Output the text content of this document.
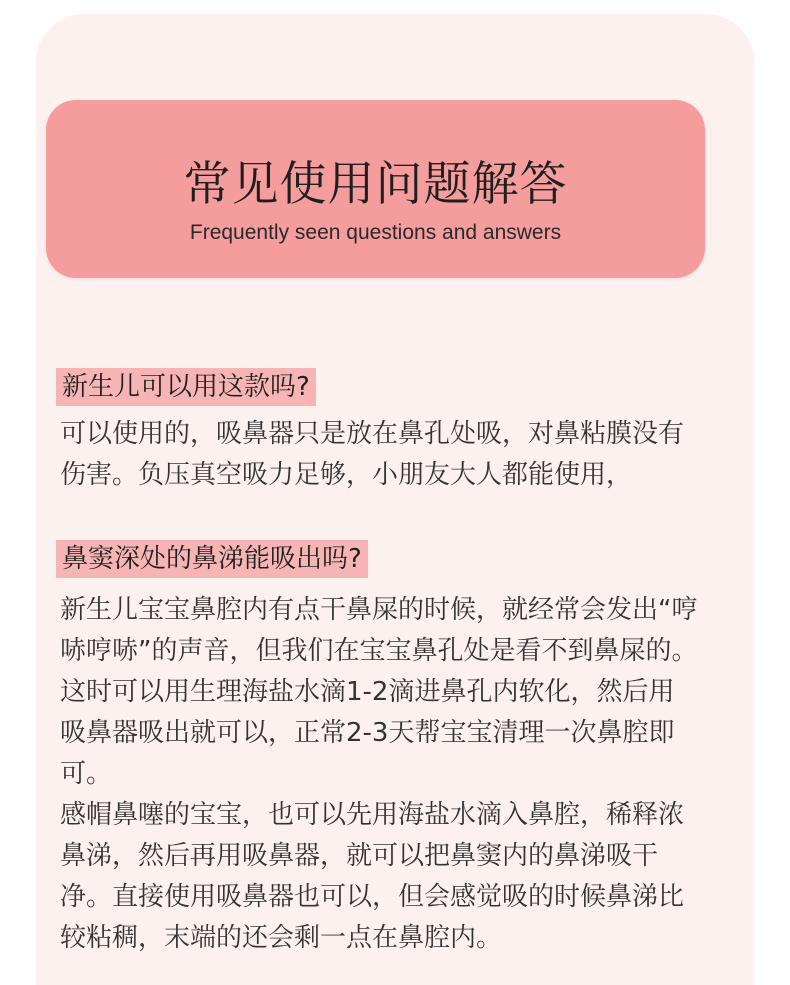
常见使用问题解答
Frequently seen questions and answers
新生儿可以用这款吗?

可以使用的，吸鼻器只是放在鼻孔处吸，对鼻粘膜没有伤害。负压真空吸力足够，小朋友大人都能使用，

鼻窦深处的鼻涕能吸出吗?

新生儿宝宝鼻腔内有点干鼻屎的时候，就经常会发出“哼哧哼哧”的声音，但我们在宝宝鼻孔处是看不到鼻屎的。这时可以用生理海盐水滴1-2滴进鼻孔内软化，然后用吸鼻器吸出就可以，正常2-3天帮宝宝清理一次鼻腔即可。

感帽鼻噻的宝宝，也可以先用海盐水滴入鼻腔，稀释浓鼻涕，然后再用吸鼻器，就可以把鼻窦内的鼻涕吸干净。直接使用吸鼻器也可以，但会感觉吸的时候鼻涕比较粘稠，末端的还会剩一点在鼻腔内。
